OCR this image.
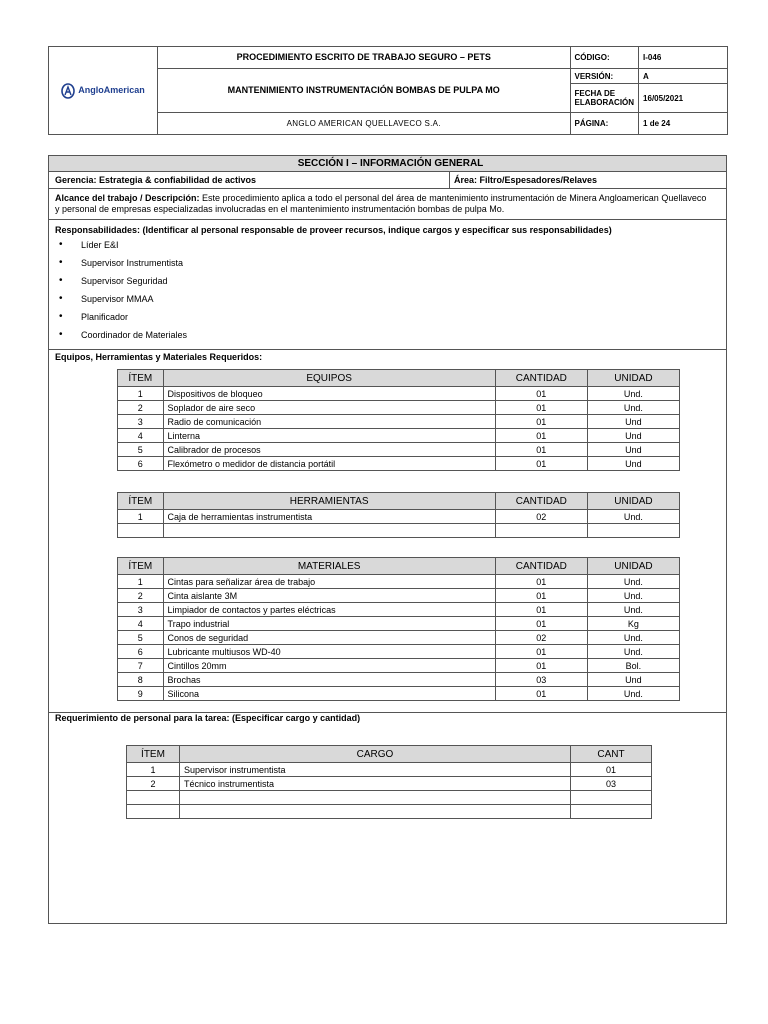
AngloAmerican	PROCEDIMIENTO ESCRITO DE TRABAJO SEGURO – PETS	CÓDIGO:	I-046
	MANTENIMIENTO INSTRUMENTACIÓN BOMBAS DE PULPA MO	VERSIÓN:	A
		FECHA DE ELABORACIÓN	16/05/2021
	ANGLO AMERICAN QUELLAVECO S.A.	PÁGINA:	1 de 24
SECCIÓN I – INFORMACIÓN GENERAL
Gerencia: Estrategia & confiabilidad de activos	Área: Filtro/Espesadores/Relaves
Alcance del trabajo / Descripción: Este procedimiento aplica a todo el personal del área de mantenimiento instrumentación de Minera Angloamerican Quellaveco
y personal de empresas especializadas involucradas en el mantenimiento instrumentación bombas de pulpa Mo.
Responsabilidades: (Identificar al personal responsable de proveer recursos, indique cargos y especificar sus responsabilidades)
• Líder E&I
• Supervisor Instrumentista
• Supervisor Seguridad
• Supervisor MMAA
• Planificador
• Coordinador de Materiales
Equipos, Herramientas y Materiales Requeridos:
ÍTEM	EQUIPOS	CANTIDAD	UNIDAD
1	Dispositivos de bloqueo	01	Und.
2	Soplador de aire seco	01	Und.
3	Radio de comunicación	01	Und
4	Linterna	01	Und
5	Calibrador de procesos	01	Und
6	Flexómetro o medidor de distancia portátil	01	Und
ÍTEM	HERRAMIENTAS	CANTIDAD	UNIDAD
1	Caja de herramientas instrumentista	02	Und.

ÍTEM	MATERIALES	CANTIDAD	UNIDAD
1	Cintas para señalizar área de trabajo	01	Und.
2	Cinta aislante 3M	01	Und.
3	Limpiador de contactos y partes eléctricas	01	Und.
4	Trapo industrial	01	Kg
5	Conos de seguridad	02	Und.
6	Lubricante multiusos WD-40	01	Und.
7	Cintillos 20mm	01	Bol.
8	Brochas	03	Und
9	Silicona	01	Und.
Requerimiento de personal para la tarea: (Especificar cargo y cantidad)
ÍTEM	CARGO	CANT
1	Supervisor instrumentista	01
2	Técnico instrumentista	03
